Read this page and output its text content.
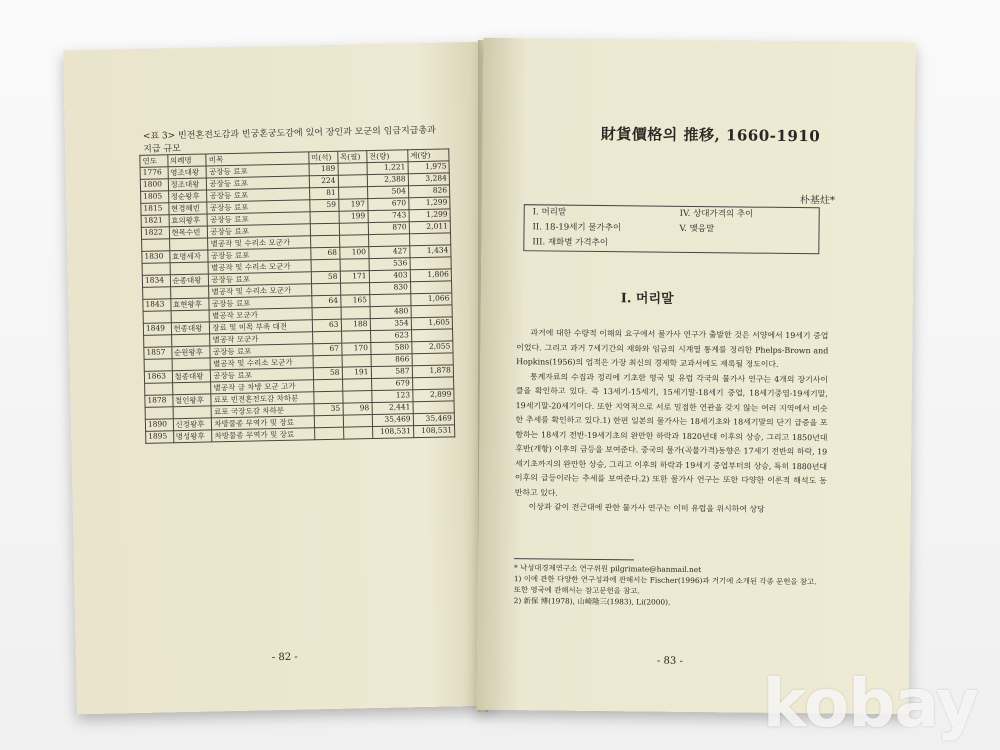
<표 3> 빈전혼전도감과 빈궁혼궁도감에 있어 장인과 모군의 임금지급총과 지급 규모
연도	의례명	비목	미(석)	목(필)	전(량)	계(량)
1776	영조대왕	공장등 료포	189		1,221	1,975
1800	정조대왕	공장등 료포	224		2,388	3,284
1805	정순왕후	공장등 료포	81		504	826
1815	현경혜빈	공장등 료포	59	197	670	1,299
1821	효의왕후	공장등 료포		199	743	1,299
1822	현목수빈	공장등 료포			870	2,011
		별공작 및 수리소 모군가				
1830	효명세자	공장등 료포	68	100	427	1,434
		별공작 및 수리소 모군가			536	
1834	순종대왕	공장등 료포	58	171	403	1,806
		별공작 및 수리소 모군가			830	
1843	효현왕후	공장등 료포	64	165		1,066
		별공작 모군가			480	
1849	헌종대왕	장료 및 미목 부족 대전	63	188	354	1,605
		별공작 모군가			623	
1857	순원왕후	공장등 료포	67	170	580	2,055
		별공작 및 수리소 모군가			866	
1863	철종대왕	공장등 료포	58	191	587	1,878
		별공작 급 차방 모군 고가			679	
1878	철인왕후	료포 빈전혼전도감 차하분			123	2,899
		료포 국장도감 차하분	35	98	2,441	
1890	신정왕후	차방물종 무역가 및 장료			35,469	35,469
1895	명성왕후	차방물종 무역가 및 장료			108,531	108,531
- 82 -
財貨價格의 推移, 1660-1910
朴基炷*
I. 머리말	IV. 상대가격의 추이
II. 18-19세기 물가추이	V. 맺음말
III. 재화별 가격추이
I. 머리말

과거에 대한 수량적 이해의 요구에서 물가사 연구가 출발한 것은 서양에서 19세기 중엽이었다. 그리고 과거 7세기간의 재화와 임금의 시계열 통계를 정리한 Phelps-Brown and Hopkins(1956)의 업적은 가장 최신의 경제학 교과서에도 재록될 정도이다.

통계자료의 수집과 정리에 기초한 영국 및 유럽 각국의 물가사 연구는 4개의 장기사이클을 확인하고 있다. 즉 13세기-15세기, 15세기말-18세기 중엽, 18세기중엽-19세기말, 19세기말-20세기이다. 또한 지역적으로 서로 밀접한 연관을 갖지 않는 여러 지역에서 비슷한 추세를 확인하고 있다.1) 한편 일본의 물가사는 18세기초와 18세기말의 단기 급증을 포함하는 18세기 전반-19세기초의 완만한 하락과 1820년대 이후의 상승, 그리고 1850년대 후반(개항) 이후의 급등을 보여준다. 중국의 물가(곡물가격)동향은 17세기 전반의 하락, 19세기초까지의 완만한 상승, 그리고 이후의 하락과 19세기 중엽부터의 상승, 특히 1880년대 이후의 급등이라는 추세를 보여준다.2) 또한 물가사 연구는 또한 다양한 이론적 해석도 동반하고 있다.

이상과 같이 전근대에 관한 물가사 연구는 이미 유럽을 위시하여 상당

* 낙성대경제연구소 연구위원 pilgrimate@hanmail.net
1) 이에 관한 다양한 연구성과에 관해서는 Fischer(1996)과 거기에 소개된 각종 문헌을 참고. 또한 영국에 관해서는 참고문헌을 참고.
2) 新保 博(1978), 山崎隆三(1983), Li(2000).
- 83 -
kobay
